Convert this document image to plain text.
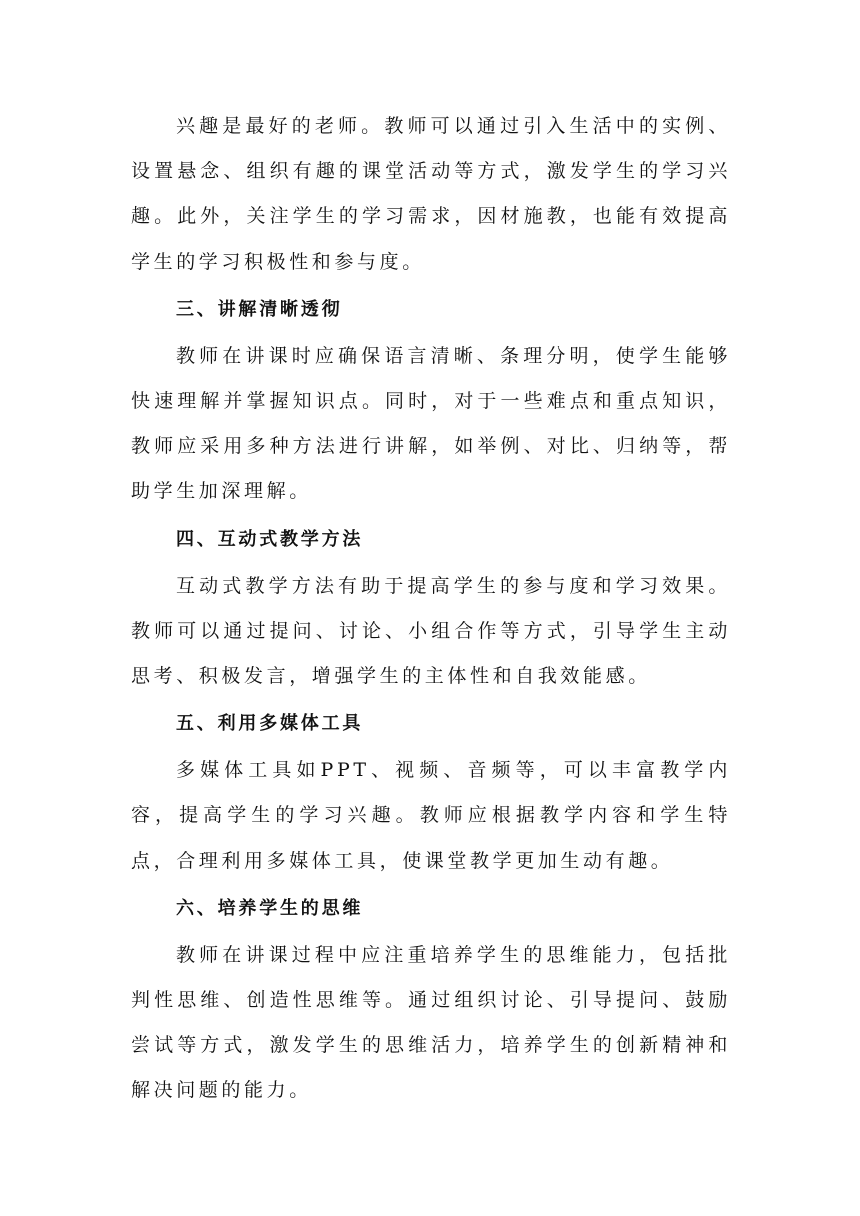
兴趣是最好的老师。教师可以通过引入生活中的实例、设置悬念、组织有趣的课堂活动等方式，激发学生的学习兴趣。此外，关注学生的学习需求，因材施教，也能有效提高学生的学习积极性和参与度。

三、讲解清晰透彻

教师在讲课时应确保语言清晰、条理分明，使学生能够快速理解并掌握知识点。同时，对于一些难点和重点知识，教师应采用多种方法进行讲解，如举例、对比、归纳等，帮助学生加深理解。

四、互动式教学方法

互动式教学方法有助于提高学生的参与度和学习效果。教师可以通过提问、讨论、小组合作等方式，引导学生主动思考、积极发言，增强学生的主体性和自我效能感。

五、利用多媒体工具

多媒体工具如PPT、视频、音频等，可以丰富教学内容，提高学生的学习兴趣。教师应根据教学内容和学生特点，合理利用多媒体工具，使课堂教学更加生动有趣。

六、培养学生的思维

教师在讲课过程中应注重培养学生的思维能力，包括批判性思维、创造性思维等。通过组织讨论、引导提问、鼓励尝试等方式，激发学生的思维活力，培养学生的创新精神和解决问题的能力。
